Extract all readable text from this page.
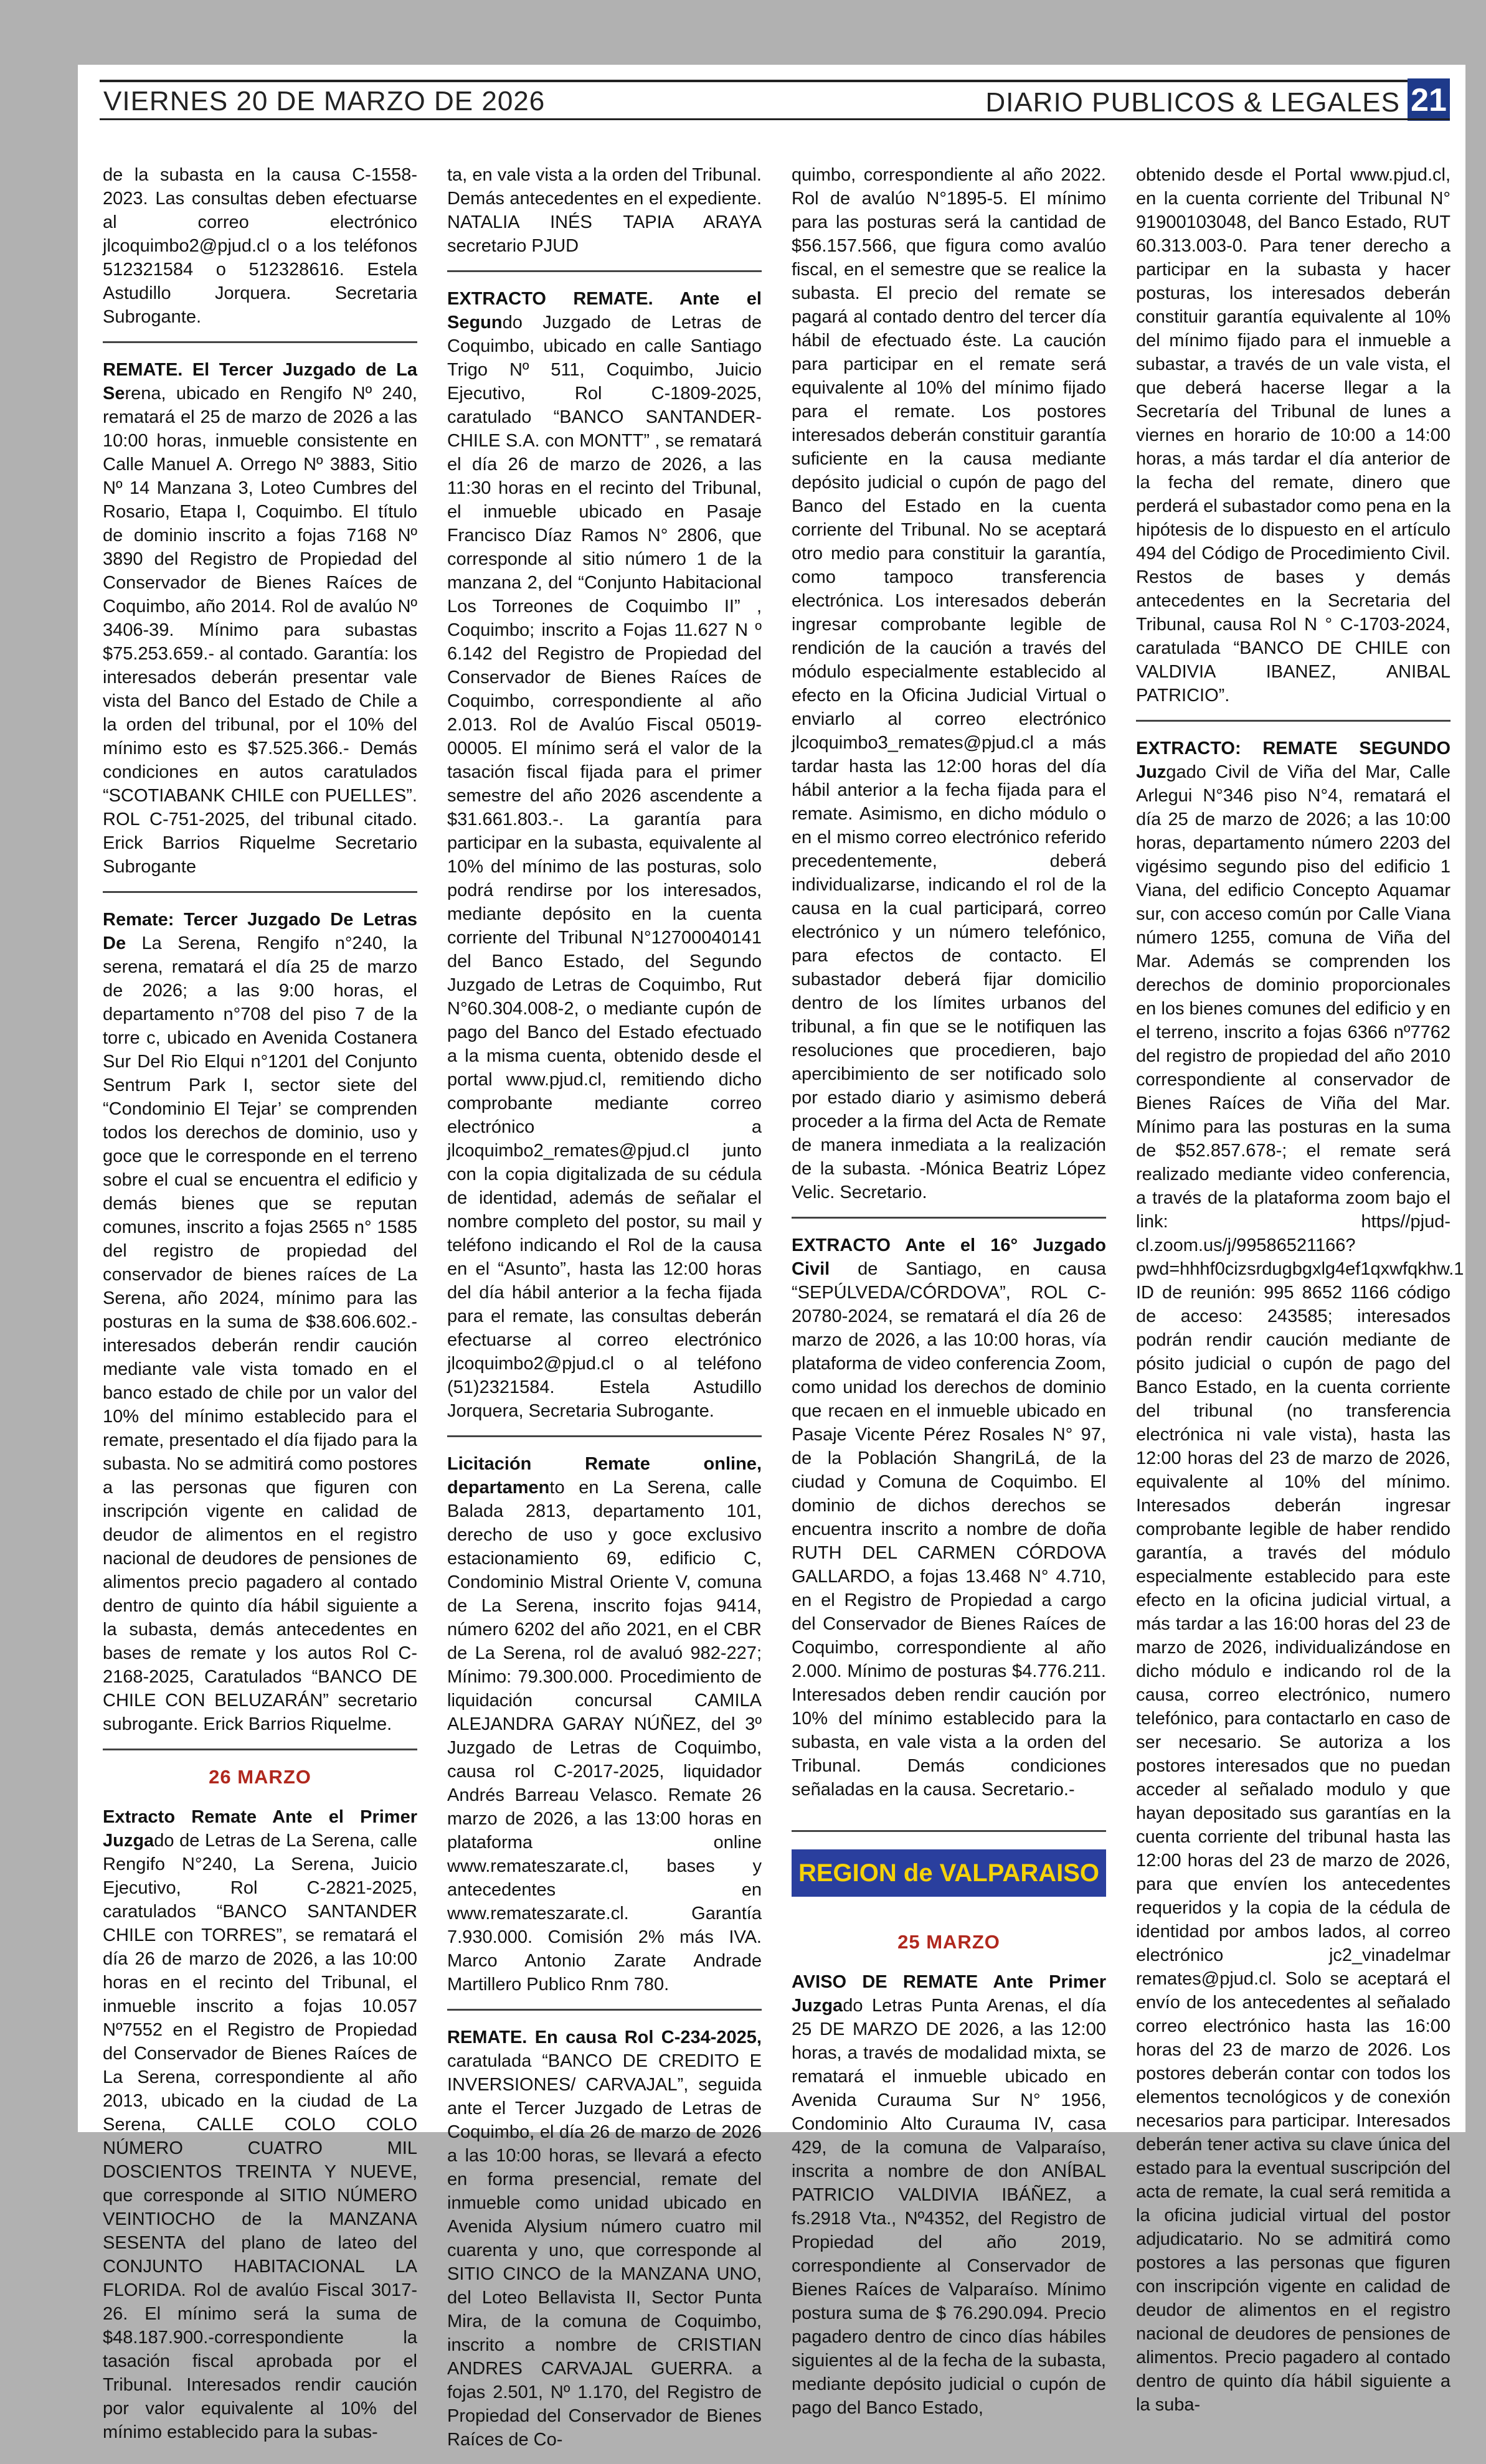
VIERNES 20 DE MARZO DE 2026	DIARIO PUBLICOS & LEGALES 21

de la subasta en la causa C-1558-2023. Las consultas deben efectuarse al correo electrónico jlcoquimbo2@pjud.cl o a los teléfonos 512321584 o 512328616. Estela Astudillo Jorquera. Secretaria Subrogante.

REMATE. El Tercer Juzgado de La Serena, ubicado en Rengifo Nº 240, rematará el 25 de marzo de 2026 a las 10:00 horas, inmueble consistente en Calle Manuel A. Orrego Nº 3883, Sitio Nº 14 Manzana 3, Loteo Cumbres del Rosario, Etapa I, Coquimbo. El título de dominio inscrito a fojas 7168 Nº 3890 del Registro de Propiedad del Conservador de Bienes Raíces de Coquimbo, año 2014. Rol de avalúo Nº 3406-39. Mínimo para subastas $75.253.659.- al contado. Garantía: los interesados deberán presentar vale vista del Banco del Estado de Chile a la orden del tribunal, por el 10% del mínimo esto es $7.525.366.- Demás condiciones en autos caratulados “SCOTIABANK CHILE con PUELLES”. ROL C-751-2025, del tribunal citado. Erick Barrios Riquelme Secretario Subrogante

Remate: Tercer Juzgado De Letras De La Serena, Rengifo n°240, la serena, rematará el día 25 de marzo de 2026; a las 9:00 horas, el departamento n°708 del piso 7 de la torre c, ubicado en Avenida Costanera Sur Del Rio Elqui n°1201 del Conjunto Sentrum Park I, sector siete del “Condominio El Tejar’ se comprenden todos los derechos de dominio, uso y goce que le corresponde en el terreno sobre el cual se encuentra el edificio y demás bienes que se reputan comunes, inscrito a fojas 2565 n° 1585 del registro de propiedad del conservador de bienes raíces de La Serena, año 2024, mínimo para las posturas en la suma de $38.606.602.- interesados deberán rendir caución mediante vale vista tomado en el banco estado de chile por un valor del 10% del mínimo establecido para el remate, presentado el día fijado para la subasta. No se admitirá como postores a las personas que figuren con inscripción vigente en calidad de deudor de alimentos en el registro nacional de deudores de pensiones de alimentos precio pagadero al contado dentro de quinto día hábil siguiente a la subasta, demás antecedentes en bases de remate y los autos Rol C-2168-2025, Caratulados “BANCO DE CHILE CON BELUZARÁN” secretario subrogante. Erick Barrios Riquelme.

26 MARZO

Extracto Remate Ante el Primer Juzgado de Letras de La Serena, calle Rengifo N°240, La Serena, Juicio Ejecutivo, Rol C-2821-2025, caratulados “BANCO SANTANDER CHILE con TORRES”, se rematará el día 26 de marzo de 2026, a las 10:00 horas en el recinto del Tribunal, el inmueble inscrito a fojas 10.057 Nº7552 en el Registro de Propiedad del Conservador de Bienes Raíces de La Serena, correspondiente al año 2013, ubicado en la ciudad de La Serena, CALLE COLO COLO NÚMERO CUATRO MIL DOSCIENTOS TREINTA Y NUEVE, que corresponde al SITIO NÚMERO VEINTIOCHO de la MANZANA SESENTA del plano de lateo del CONJUNTO HABITACIONAL LA FLORIDA. Rol de avalúo Fiscal 3017-26. El mínimo será la suma de $48.187.900.-correspondiente la tasación fiscal aprobada por el Tribunal. Interesados rendir caución por valor equivalente al 10% del mínimo establecido para la subas-

ta, en vale vista a la orden del Tribunal. Demás antecedentes en el expediente. NATALIA INÉS TAPIA ARAYA secretario PJUD

EXTRACTO REMATE. Ante el Segundo Juzgado de Letras de Coquimbo, ubicado en calle Santiago Trigo Nº 511, Coquimbo, Juicio Ejecutivo, Rol C-1809-2025, caratulado “BANCO SANTANDER-CHILE S.A. con MONTT” , se rematará el día 26 de marzo de 2026, a las 11:30 horas en el recinto del Tribunal, el inmueble ubicado en Pasaje Francisco Díaz Ramos N° 2806, que corresponde al sitio número 1 de la manzana 2, del “Conjunto Habitacional Los Torreones de Coquimbo II” , Coquimbo; inscrito a Fojas 11.627 N º 6.142 del Registro de Propiedad del Conservador de Bienes Raíces de Coquimbo, correspondiente al año 2.013. Rol de Avalúo Fiscal 05019- 00005. El mínimo será el valor de la tasación fiscal fijada para el primer semestre del año 2026 ascendente a $31.661.803.-. La garantía para participar en la subasta, equivalente al 10% del mínimo de las posturas, solo podrá rendirse por los interesados, mediante depósito en la cuenta corriente del Tribunal N°12700040141 del Banco Estado, del Segundo Juzgado de Letras de Coquimbo, Rut N°60.304.008-2, o mediante cupón de pago del Banco del Estado efectuado a la misma cuenta, obtenido desde el portal www.pjud.cl, remitiendo dicho comprobante mediante correo electrónico a jlcoquimbo2_remates@pjud.cl junto con la copia digitalizada de su cédula de identidad, además de señalar el nombre completo del postor, su mail y teléfono indicando el Rol de la causa en el “Asunto”, hasta las 12:00 horas del día hábil anterior a la fecha fijada para el remate, las consultas deberán efectuarse al correo electrónico jlcoquimbo2@pjud.cl o al teléfono (51)2321584. Estela Astudillo Jorquera, Secretaria Subrogante.

Licitación Remate online, departamento en La Serena, calle Balada 2813, departamento 101, derecho de uso y goce exclusivo estacionamiento 69, edificio C, Condominio Mistral Oriente V, comuna de La Serena, inscrito fojas 9414, número 6202 del año 2021, en el CBR de La Serena, rol de avaluó 982-227; Mínimo: 79.300.000. Procedimiento de liquidación concursal CAMILA ALEJANDRA GARAY NÚÑEZ, del 3º Juzgado de Letras de Coquimbo, causa rol C-2017-2025, liquidador Andrés Barreau Velasco. Remate 26 marzo de 2026, a las 13:00 horas en plataforma online www.remateszarate.cl, bases y antecedentes en www.remateszarate.cl. Garantía 7.930.000. Comisión 2% más IVA. Marco Antonio Zarate Andrade Martillero Publico Rnm 780.

REMATE. En causa Rol C-234-2025, caratulada “BANCO DE CREDITO E INVERSIONES/ CARVAJAL”, seguida ante el Tercer Juzgado de Letras de Coquimbo, el día 26 de marzo de 2026 a las 10:00 horas, se llevará a efecto en forma presencial, remate del inmueble como unidad ubicado en Avenida Alysium número cuatro mil cuarenta y uno, que corresponde al SITIO CINCO de la MANZANA UNO, del Loteo Bellavista II, Sector Punta Mira, de la comuna de Coquimbo, inscrito a nombre de CRISTIAN ANDRES CARVAJAL GUERRA. a fojas 2.501, Nº 1.170, del Registro de Propiedad del Conservador de Bienes Raíces de Co-

quimbo, correspondiente al año 2022. Rol de avalúo N°1895-5. El mínimo para las posturas será la cantidad de $56.157.566, que figura como avalúo fiscal, en el semestre que se realice la subasta. El precio del remate se pagará al contado dentro del tercer día hábil de efectuado éste. La caución para participar en el remate será equivalente al 10% del mínimo fijado para el remate. Los postores interesados deberán constituir garantía suficiente en la causa mediante depósito judicial o cupón de pago del Banco del Estado en la cuenta corriente del Tribunal. No se aceptará otro medio para constituir la garantía, como tampoco transferencia electrónica. Los interesados deberán ingresar comprobante legible de rendición de la caución a través del módulo especialmente establecido al efecto en la Oficina Judicial Virtual o enviarlo al correo electrónico jlcoquimbo3_remates@pjud.cl a más tardar hasta las 12:00 horas del día hábil anterior a la fecha fijada para el remate. Asimismo, en dicho módulo o en el mismo correo electrónico referido precedentemente, deberá individualizarse, indicando el rol de la causa en la cual participará, correo electrónico y un número telefónico, para efectos de contacto. El subastador deberá fijar domicilio dentro de los límites urbanos del tribunal, a fin que se le notifiquen las resoluciones que procedieren, bajo apercibimiento de ser notificado solo por estado diario y asimismo deberá proceder a la firma del Acta de Remate de manera inmediata a la realización de la subasta. -Mónica Beatriz López Velic. Secretario.

EXTRACTO Ante el 16° Juzgado Civil de Santiago, en causa “SEPÚLVEDA/CÓRDOVA”, ROL C- 20780-2024, se rematará el día 26 de marzo de 2026, a las 10:00 horas, vía plataforma de video conferencia Zoom, como unidad los derechos de dominio que recaen en el inmueble ubicado en Pasaje Vicente Pérez Rosales N° 97, de la Población ShangriLá, de la ciudad y Comuna de Coquimbo. El dominio de dichos derechos se encuentra inscrito a nombre de doña RUTH DEL CARMEN CÓRDOVA GALLARDO, a fojas 13.468 N° 4.710, en el Registro de Propiedad a cargo del Conservador de Bienes Raíces de Coquimbo, correspondiente al año 2.000. Mínimo de posturas $4.776.211. Interesados deben rendir caución por 10% del mínimo establecido para la subasta, en vale vista a la orden del Tribunal. Demás condiciones señaladas en la causa. Secretario.-

REGION de VALPARAISO
25 MARZO

AVISO DE REMATE Ante Primer Juzgado Letras Punta Arenas, el día 25 DE MARZO DE 2026, a las 12:00 horas, a través de modalidad mixta, se rematará el inmueble ubicado en Avenida Curauma Sur N° 1956, Condominio Alto Curauma IV, casa 429, de la comuna de Valparaíso, inscrita a nombre de don ANÍBAL PATRICIO VALDIVIA IBÁÑEZ, a fs.2918 Vta., Nº4352, del Registro de Propiedad del año 2019, correspondiente al Conservador de Bienes Raíces de Valparaíso. Mínimo postura suma de $ 76.290.094. Precio pagadero dentro de cinco días hábiles siguientes al de la fecha de la subasta, mediante depósito judicial o cupón de pago del Banco Estado,

obtenido desde el Portal www.pjud.cl, en la cuenta corriente del Tribunal N° 91900103048, del Banco Estado, RUT 60.313.003-0. Para tener derecho a participar en la subasta y hacer posturas, los interesados deberán constituir garantía equivalente al 10% del mínimo fijado para el inmueble a subastar, a través de un vale vista, el que deberá hacerse llegar a la Secretaría del Tribunal de lunes a viernes en horario de 10:00 a 14:00 horas, a más tardar el día anterior de la fecha del remate, dinero que perderá el subastador como pena en la hipótesis de lo dispuesto en el artículo 494 del Código de Procedimiento Civil. Restos de bases y demás antecedentes en la Secretaria del Tribunal, causa Rol N ° C-1703-2024, caratulada “BANCO DE CHILE con VALDIVIA IBANEZ, ANIBAL PATRICIO”.

EXTRACTO: REMATE SEGUNDO Juzgado Civil de Viña del Mar, Calle Arlegui N°346 piso N°4, rematará el día 25 de marzo de 2026; a las 10:00 horas, departamento número 2203 del vigésimo segundo piso del edificio 1 Viana, del edificio Concepto Aquamar sur, con acceso común por Calle Viana número 1255, comuna de Viña del Mar. Además se comprenden los derechos de dominio proporcionales en los bienes comunes del edificio y en el terreno, inscrito a fojas 6366 nº7762 del registro de propiedad del año 2010 correspondiente al conservador de Bienes Raíces de Viña del Mar. Mínimo para las posturas en la suma de $52.857.678-; el remate será realizado mediante video conferencia, a través de la plataforma zoom bajo el link: https//pjud- cl.zoom.us/j/99586521166?pwd=hhhf0cizsrdugbgxlg4ef1qxwfqkhw.1 ID de reunión: 995 8652 1166 código de acceso: 243585; interesados podrán rendir caución mediante de pósito judicial o cupón de pago del Banco Estado, en la cuenta corriente del tribunal (no transferencia electrónica ni vale vista), hasta las 12:00 horas del 23 de marzo de 2026, equivalente al 10% del mínimo. Interesados deberán ingresar comprobante legible de haber rendido garantía, a través del módulo especialmente establecido para este efecto en la oficina judicial virtual, a más tardar a las 16:00 horas del 23 de marzo de 2026, individualizándose en dicho módulo e indicando rol de la causa, correo electrónico, numero telefónico, para contactarlo en caso de ser necesario. Se autoriza a los postores interesados que no puedan acceder al señalado modulo y que hayan depositado sus garantías en la cuenta corriente del tribunal hasta las 12:00 horas del 23 de marzo de 2026, para que envíen los antecedentes requeridos y la copia de la cédula de identidad por ambos lados, al correo electrónico jc2_vinadelmar remates@pjud.cl. Solo se aceptará el envío de los antecedentes al señalado correo electrónico hasta las 16:00 horas del 23 de marzo de 2026. Los postores deberán contar con todos los elementos tecnológicos y de conexión necesarios para participar. Interesados deberán tener activa su clave única del estado para la eventual suscripción del acta de remate, la cual será remitida a la oficina judicial virtual del postor adjudicatario. No se admitirá como postores a las personas que figuren con inscripción vigente en calidad de deudor de alimentos en el registro nacional de deudores de pensiones de alimentos. Precio pagadero al contado dentro de quinto día hábil siguiente a la suba-
